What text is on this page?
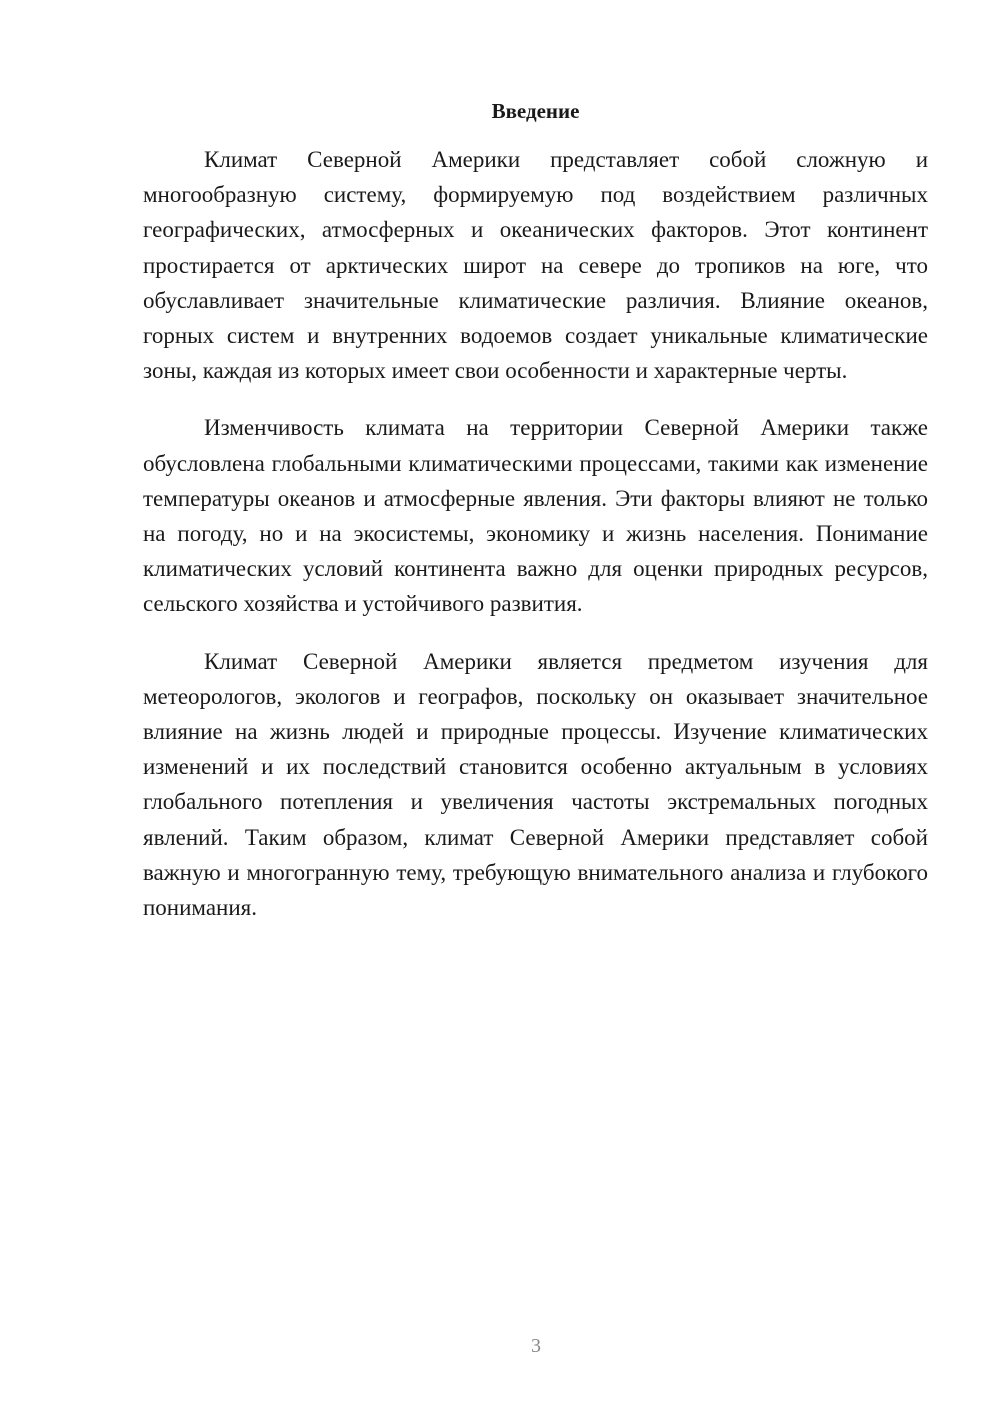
Введение

Климат Северной Америки представляет собой сложную и многообразную систему, формируемую под воздействием различных географических, атмосферных и океанических факторов. Этот континент простирается от арктических широт на севере до тропиков на юге, что обуславливает значительные климатические различия. Влияние океанов, горных систем и внутренних водоемов создает уникальные климатические зоны, каждая из которых имеет свои особенности и характерные черты.

Изменчивость климата на территории Северной Америки также обусловлена глобальными климатическими процессами, такими как изменение температуры океанов и атмосферные явления. Эти факторы влияют не только на погоду, но и на экосистемы, экономику и жизнь населения. Понимание климатических условий континента важно для оценки природных ресурсов, сельского хозяйства и устойчивого развития.

Климат Северной Америки является предметом изучения для метеорологов, экологов и географов, поскольку он оказывает значительное влияние на жизнь людей и природные процессы. Изучение климатических изменений и их последствий становится особенно актуальным в условиях глобального потепления и увеличения частоты экстремальных погодных явлений. Таким образом, климат Северной Америки представляет собой важную и многогранную тему, требующую внимательного анализа и глубокого понимания.

3
